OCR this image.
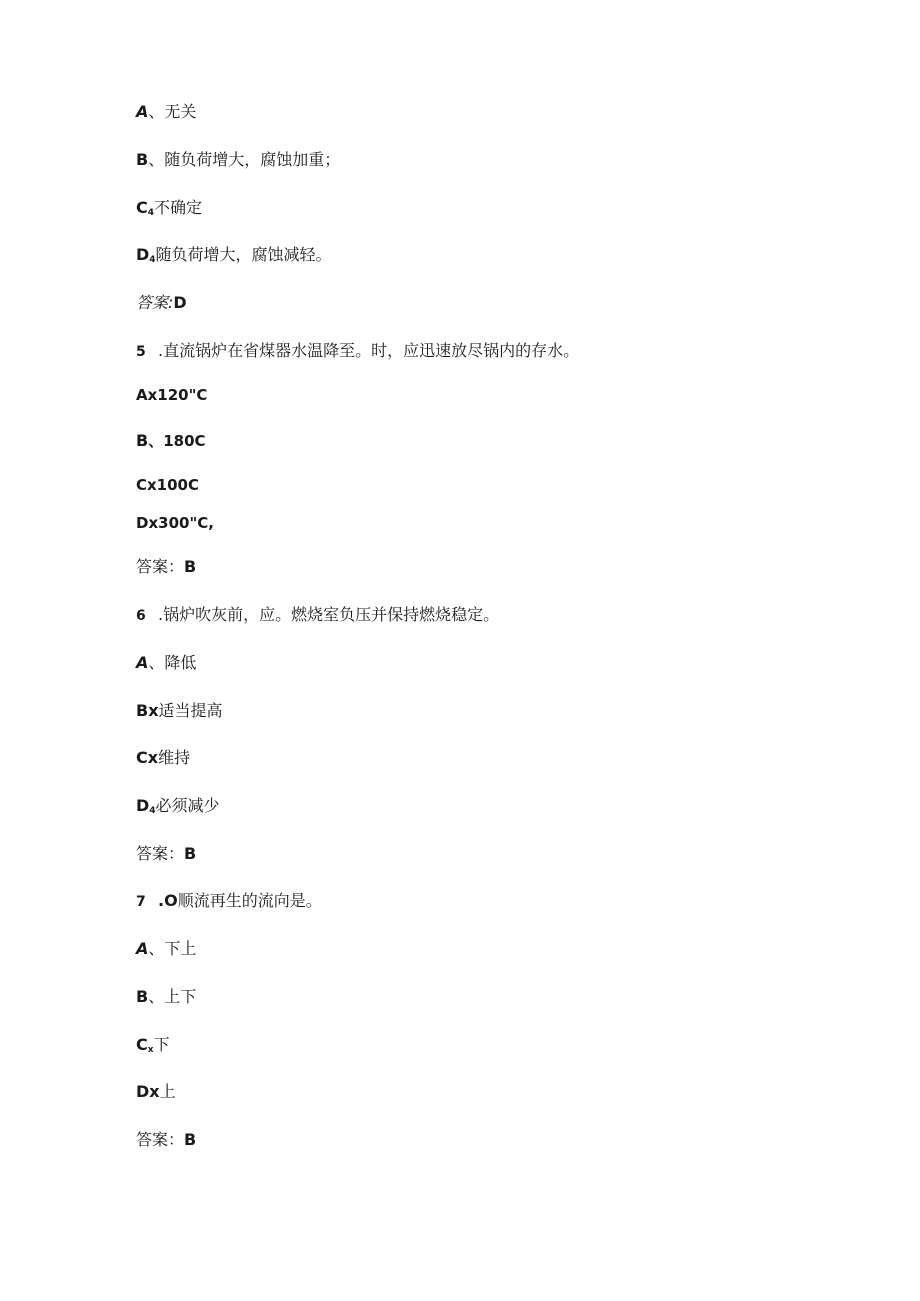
A、无关
B、随负荷增大，腐蚀加重；
$C_4$不确定
$D_4$随负荷增大，腐蚀减轻。
答案:D
5 .直流锅炉在省煤器水温降至。时，应迅速放尽锅内的存水。
Ax120"C
B、180C
Cx100C
Dx300"C,
答案：B
6 .锅炉吹灰前，应。燃烧室负压并保持燃烧稳定。
A、降低
Bx适当提高
Cx维持
$D_4$必须减少
答案：B
7 .O顺流再生的流向是。
A、下上
B、上下
$C_x$下
Dx上
答案：B
